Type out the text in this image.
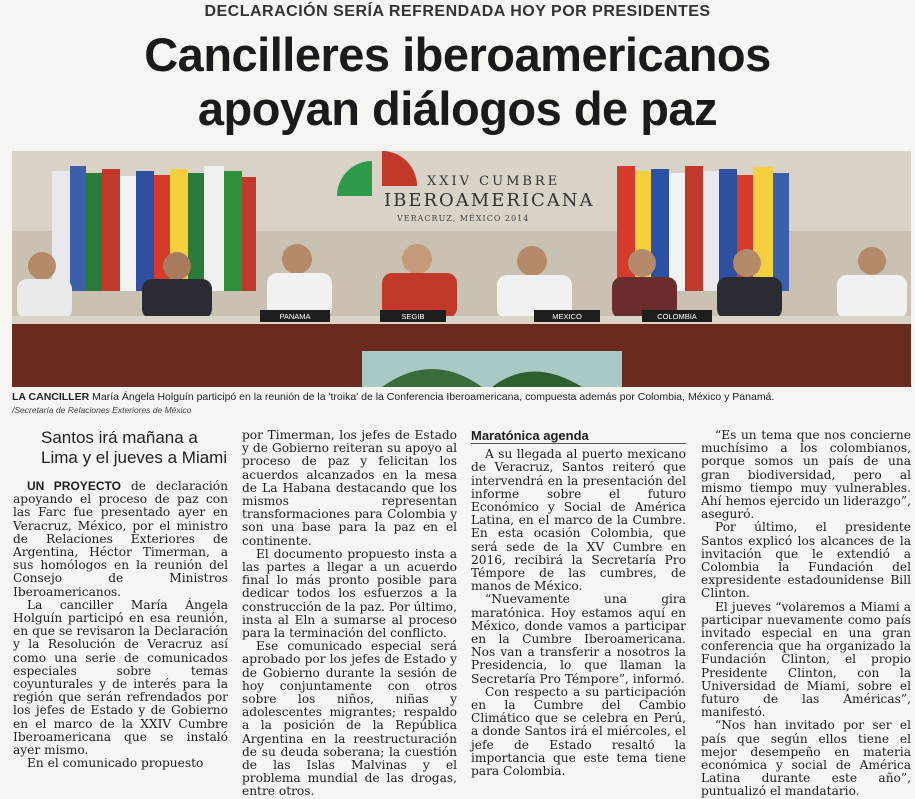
DECLARACIÓN SERÍA REFRENDADA HOY POR PRESIDENTES
Cancilleres iberoamericanos
apoyan diálogos de paz
XXIV CUMBRE
IBEROAMERICANA
VERACRUZ, MÉXICO 2014
PANAMA	SEGIB	MEXICO	COLOMBIA
LA CANCILLER María Ángela Holguín participó en la reunión de la 'troika' de la Conferencia Iberoamericana, compuesta además por Colombia, México y Panamá.
/Secretaría de Relaciones Exteriores de México
Santos irá mañana a Lima y el jueves a Miami

UN PROYECTO de declaración apoyando el proceso de paz con las Farc fue presentado ayer en Veracruz, México, por el ministro de Relaciones Exteriores de Argentina, Héctor Timerman, a sus homólogos en la reunión del Consejo de Ministros Iberoamericanos.

La canciller María Ángela Holguín participó en esa reunión, en que se revisaron la Declaración y la Resolución de Veracruz así como una serie de comunicados especiales sobre temas coyunturales y de interés para la región que serán refrendados por los jefes de Estado y de Gobierno en el marco de la XXIV Cumbre Iberoamericana que se instaló ayer mismo.

En el comunicado propuesto

por Timerman, los jefes de Estado y de Gobierno reiteran su apoyo al proceso de paz y felicitan los acuerdos alcanzados en la mesa de La Habana destacando que los mismos representan transformaciones para Colombia y son una base para la paz en el continente.

El documento propuesto insta a las partes a llegar a un acuerdo final lo más pronto posible para dedicar todos los esfuerzos a la construcción de la paz. Por último, insta al Eln a sumarse al proceso para la terminación del conflicto.

Ese comunicado especial será aprobado por los jefes de Estado y de Gobierno durante la sesión de hoy conjuntamente con otros sobre los niños, niñas y adolescentes migrantes; respaldo a la posición de la República Argentina en la reestructuración de su deuda soberana; la cuestión de las Islas Malvinas y el problema mundial de las drogas, entre otros.

Maratónica agenda

A su llegada al puerto mexicano de Veracruz, Santos reiteró que intervendrá en la presentación del informe sobre el futuro Económico y Social de América Latina, en el marco de la Cumbre. En esta ocasión Colombia, que será sede de la XV Cumbre en 2016, recibirá la Secretaría Pro Témpore de las cumbres, de manos de México.

“Nuevamente una gira maratónica. Hoy estamos aquí en México, donde vamos a participar en la Cumbre Iberoamericana. Nos van a transferir a nosotros la Presidencia, lo que llaman la Secretaría Pro Témpore”, informó.

Con respecto a su participación en la Cumbre del Cambio Climático que se celebra en Perú, a donde Santos irá el miércoles, el jefe de Estado resaltó la importancia que este tema tiene para Colombia.

“Es un tema que nos concierne muchísimo a los colombianos, porque somos un país de una gran biodiversidad, pero al mismo tiempo muy vulnerables. Ahí hemos ejercido un liderazgo”, aseguró.

Por último, el presidente Santos explicó los alcances de la invitación que le extendió a Colombia la Fundación del expresidente estadounidense Bill Clinton.

El jueves “volaremos a Miami a participar nuevamente como país invitado especial en una gran conferencia que ha organizado la Fundación Clinton, el propio Presidente Clinton, con la Universidad de Miami, sobre el futuro de las Américas”, manifestó.

“Nos han invitado por ser el país que según ellos tiene el mejor desempeño en materia económica y social de América Latina durante este año”, puntualizó el mandatario.
